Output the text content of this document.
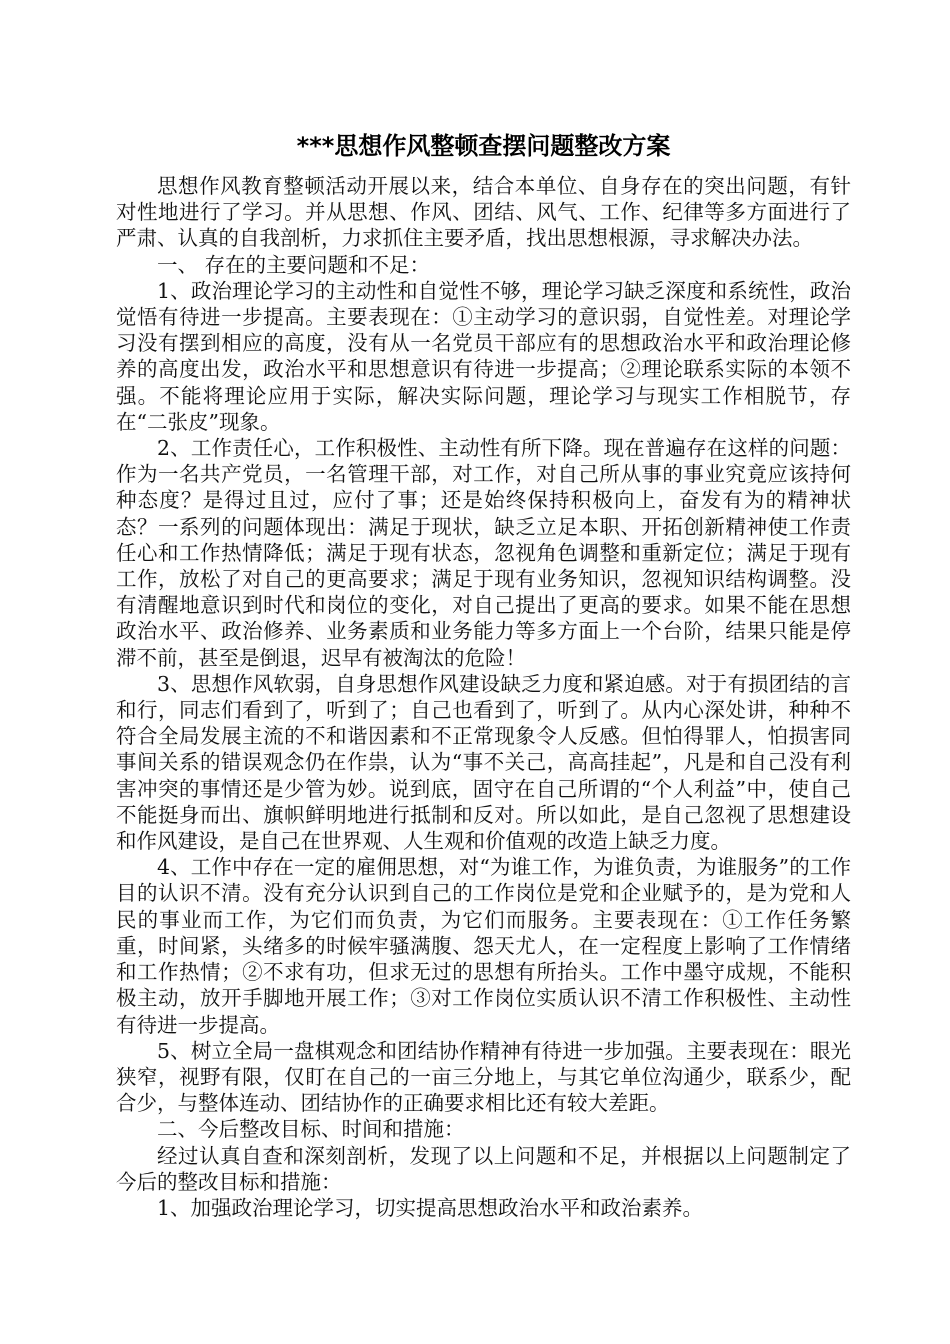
***思想作风整顿查摆问题整改方案

思想作风教育整顿活动开展以来，结合本单位、自身存在的突出问题，有针对性地进行了学习。并从思想、作风、团结、风气、工作、纪律等多方面进行了严肃、认真的自我剖析，力求抓住主要矛盾，找出思想根源，寻求解决办法。

一、 存在的主要问题和不足：

1、政治理论学习的主动性和自觉性不够，理论学习缺乏深度和系统性，政治觉悟有待进一步提高。主要表现在：①主动学习的意识弱，自觉性差。对理论学习没有摆到相应的高度，没有从一名党员干部应有的思想政治水平和政治理论修养的高度出发，政治水平和思想意识有待进一步提高；②理论联系实际的本领不强。不能将理论应用于实际，解决实际问题，理论学习与现实工作相脱节，存在“二张皮”现象。

2、工作责任心，工作积极性、主动性有所下降。现在普遍存在这样的问题：作为一名共产党员，一名管理干部，对工作，对自己所从事的事业究竟应该持何种态度？是得过且过，应付了事；还是始终保持积极向上，奋发有为的精神状态？一系列的问题体现出：满足于现状，缺乏立足本职、开拓创新精神使工作责任心和工作热情降低；满足于现有状态，忽视角色调整和重新定位；满足于现有工作，放松了对自己的更高要求；满足于现有业务知识，忽视知识结构调整。没有清醒地意识到时代和岗位的变化，对自己提出了更高的要求。如果不能在思想政治水平、政治修养、业务素质和业务能力等多方面上一个台阶，结果只能是停滞不前，甚至是倒退，迟早有被淘汰的危险！

3、思想作风软弱，自身思想作风建设缺乏力度和紧迫感。对于有损团结的言和行，同志们看到了，听到了；自己也看到了，听到了。从内心深处讲，种种不符合全局发展主流的不和谐因素和不正常现象令人反感。但怕得罪人，怕损害同事间关系的错误观念仍在作祟，认为“事不关己，高高挂起”，凡是和自己没有利害冲突的事情还是少管为妙。说到底，固守在自己所谓的“个人利益”中，使自己不能挺身而出、旗帜鲜明地进行抵制和反对。所以如此，是自己忽视了思想建设和作风建设，是自己在世界观、人生观和价值观的改造上缺乏力度。

4、工作中存在一定的雇佣思想，对“为谁工作，为谁负责，为谁服务”的工作目的认识不清。没有充分认识到自己的工作岗位是党和企业赋予的，是为党和人民的事业而工作，为它们而负责，为它们而服务。主要表现在：①工作任务繁重，时间紧，头绪多的时候牢骚满腹、怨天尤人，在一定程度上影响了工作情绪和工作热情；②不求有功，但求无过的思想有所抬头。工作中墨守成规，不能积极主动，放开手脚地开展工作；③对工作岗位实质认识不清工作积极性、主动性有待进一步提高。

5、树立全局一盘棋观念和团结协作精神有待进一步加强。主要表现在：眼光狭窄，视野有限，仅盯在自己的一亩三分地上，与其它单位沟通少，联系少，配合少，与整体连动、团结协作的正确要求相比还有较大差距。

二、今后整改目标、时间和措施：

经过认真自查和深刻剖析，发现了以上问题和不足，并根据以上问题制定了今后的整改目标和措施：

1、加强政治理论学习，切实提高思想政治水平和政治素养。
